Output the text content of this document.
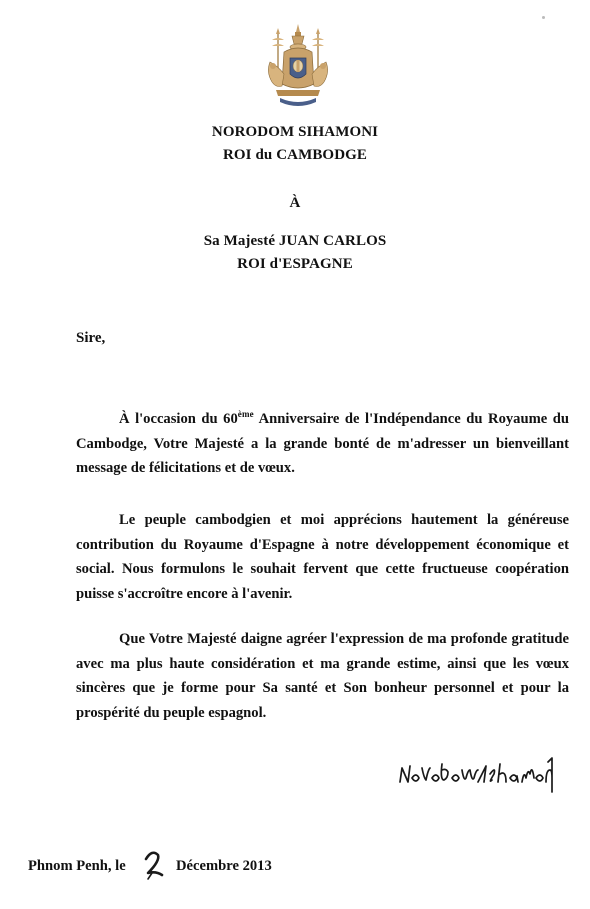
NORODOM SIHAMONI
ROI du CAMBODGE
À
Sa Majesté JUAN CARLOS
ROI d'ESPAGNE
Sire,
À l'occasion du 60ème Anniversaire de l'Indépendance du Royaume du Cambodge, Votre Majesté a la grande bonté de m'adresser un bienveillant message de félicitations et de vœux.
Le peuple cambodgien et moi apprécions hautement la généreuse contribution du Royaume d'Espagne à notre développement économique et social. Nous formulons le souhait fervent que cette fructueuse coopération puisse s'accroître encore à l'avenir.
Que Votre Majesté daigne agréer l'expression de ma profonde gratitude avec ma plus haute considération et ma grande estime, ainsi que les vœux sincères que je forme pour Sa santé et Son bonheur personnel et pour la prospérité du peuple espagnol.
Phnom Penh, le	Décembre 2013
